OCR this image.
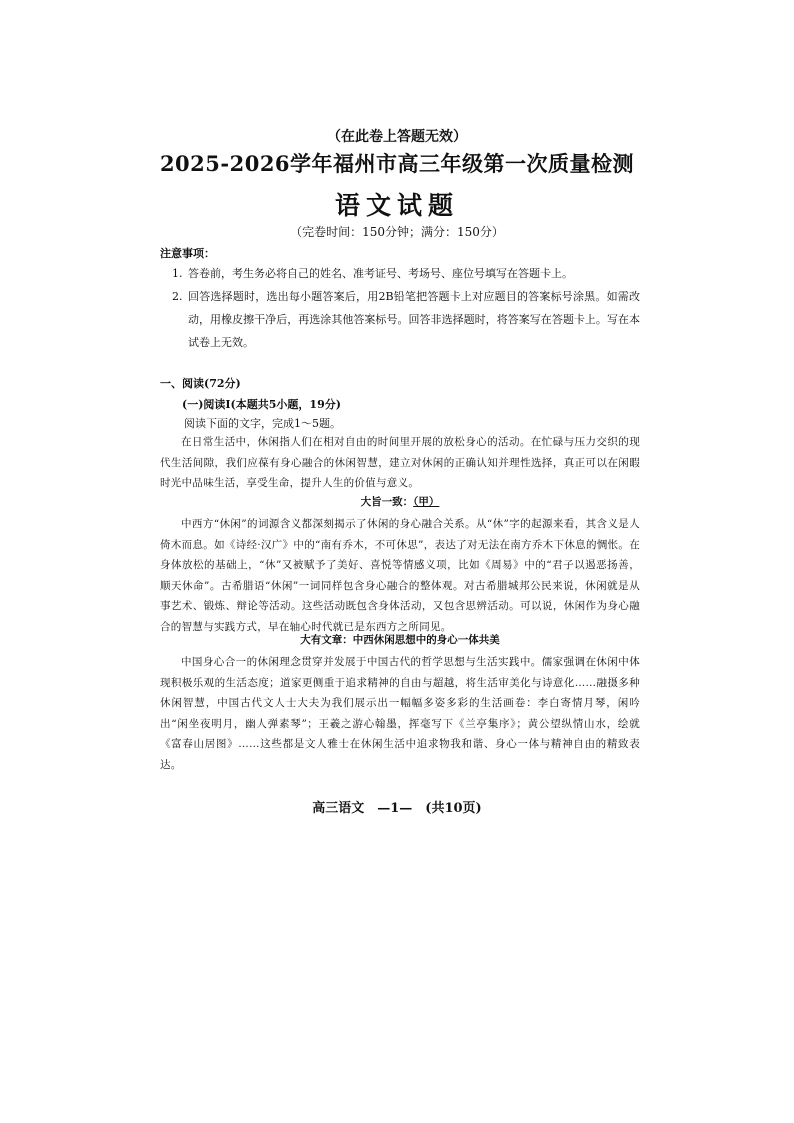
（在此卷上答题无效）
2025-2026学年福州市高三年级第一次质量检测
语文试题
（完卷时间：150分钟；满分：150分）
注意事项：
1. 答卷前，考生务必将自己的姓名、准考证号、考场号、座位号填写在答题卡上。
2. 回答选择题时，选出每小题答案后，用2B铅笔把答题卡上对应题目的答案标号涂黑。如需改动，用橡皮擦干净后，再选涂其他答案标号。回答非选择题时，将答案写在答题卡上。写在本试卷上无效。
一、阅读(72分)
(一)阅读Ⅰ(本题共5小题，19分)
阅读下面的文字，完成1～5题。
在日常生活中，休闲指人们在相对自由的时间里开展的放松身心的活动。在忙碌与压力交织的现代生活间隙，我们应葆有身心融合的休闲智慧，建立对休闲的正确认知并理性选择，真正可以在闲暇时光中品味生活，享受生命，提升人生的价值与意义。
大旨一致：（甲）
中西方“休闲”的词源含义都深刻揭示了休闲的身心融合关系。从“休”字的起源来看，其含义是人倚木而息。如《诗经·汉广》中的“南有乔木，不可休思”，表达了对无法在南方乔木下休息的惆怅。在身体放松的基础上，“休”又被赋予了美好、喜悦等情感义项，比如《周易》中的“君子以遏恶扬善，顺天休命”。古希腊语“休闲”一词同样包含身心融合的整体观。对古希腊城邦公民来说，休闲就是从事艺术、锻炼、辩论等活动。这些活动既包含身体活动，又包含思辨活动。可以说，休闲作为身心融合的智慧与实践方式，早在轴心时代就已是东西方之所同见。
大有文章：中西休闲思想中的身心一体共美
中国身心合一的休闲理念贯穿并发展于中国古代的哲学思想与生活实践中。儒家强调在休闲中体现积极乐观的生活态度；道家更侧重于追求精神的自由与超越，将生活审美化与诗意化……融摄多种休闲智慧，中国古代文人士大夫为我们展示出一幅幅多姿多彩的生活画卷：李白寄情月琴，闲吟出“闲坐夜明月，幽人弹素琴”；王羲之游心翰墨，挥毫写下《兰亭集序》；黄公望纵情山水，绘就《富春山居图》……这些都是文人雅士在休闲生活中追求物我和谐、身心一体与精神自由的精致表达。
高三语文　—1—　(共10页)
